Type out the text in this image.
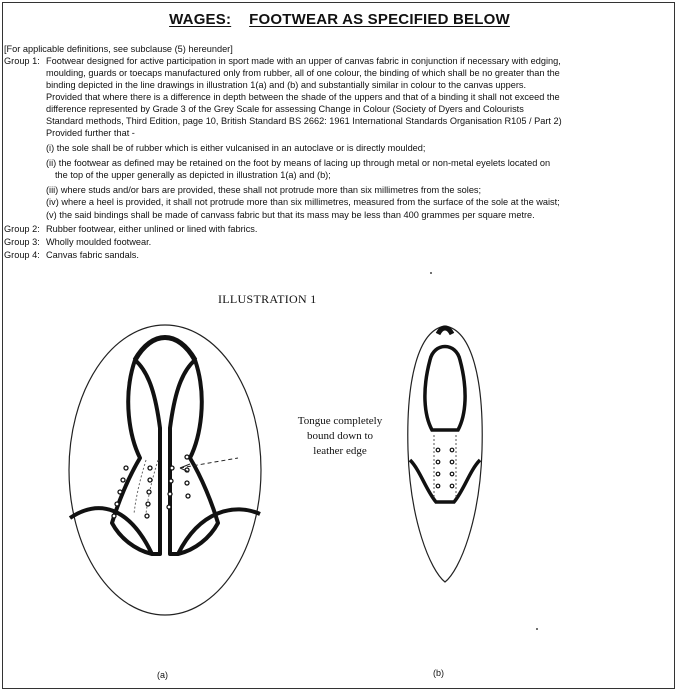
WAGES: FOOTWEAR AS SPECIFIED BELOW
[For applicable definitions, see subclause (5) hereunder]
Group 1: Footwear designed for active participation in sport made with an upper of canvas fabric in conjunction if necessary with edging,
moulding, guards or toecaps manufactured only from rubber, all of one colour, the binding of which shall be no greater than the
binding depicted in the line drawings in illustration 1(a) and (b) and substantially similar in colour to the canvas uppers.
Provided that where there is a difference in depth between the shade of the uppers and that of a binding it shall not exceed the
difference represented by Grade 3 of the Grey Scale for assessing Change in Colour (Society of Dyers and Colourists
Standard methods, Third Edition, page 10, British Standard BS 2662: 1961 International Standards Organisation R105 / Part 2)
Provided further that -
(i) the sole shall be of rubber which is either vulcanised in an autoclave or is directly moulded;
(ii) the footwear as defined may be retained on the foot by means of lacing up through metal or non-metal eyelets located on
the top of the upper generally as depicted in illustration 1(a) and (b);
(iii) where studs and/or bars are provided, these shall not protrude more than six millimetres from the soles;
(iv) where a heel is provided, it shall not protrude more than six millimetres, measured from the surface of the sole at the waist;
(v) the said bindings shall be made of canvass fabric but that its mass may be less than 400 grammes per square metre.
Group 2: Rubber footwear, either unlined or lined with fabrics.
Group 3: Wholly moulded footwear.
Group 4: Canvas fabric sandals.
ILLUSTRATION 1
Tongue completely
bound down to
leather edge
(a)	(b)
